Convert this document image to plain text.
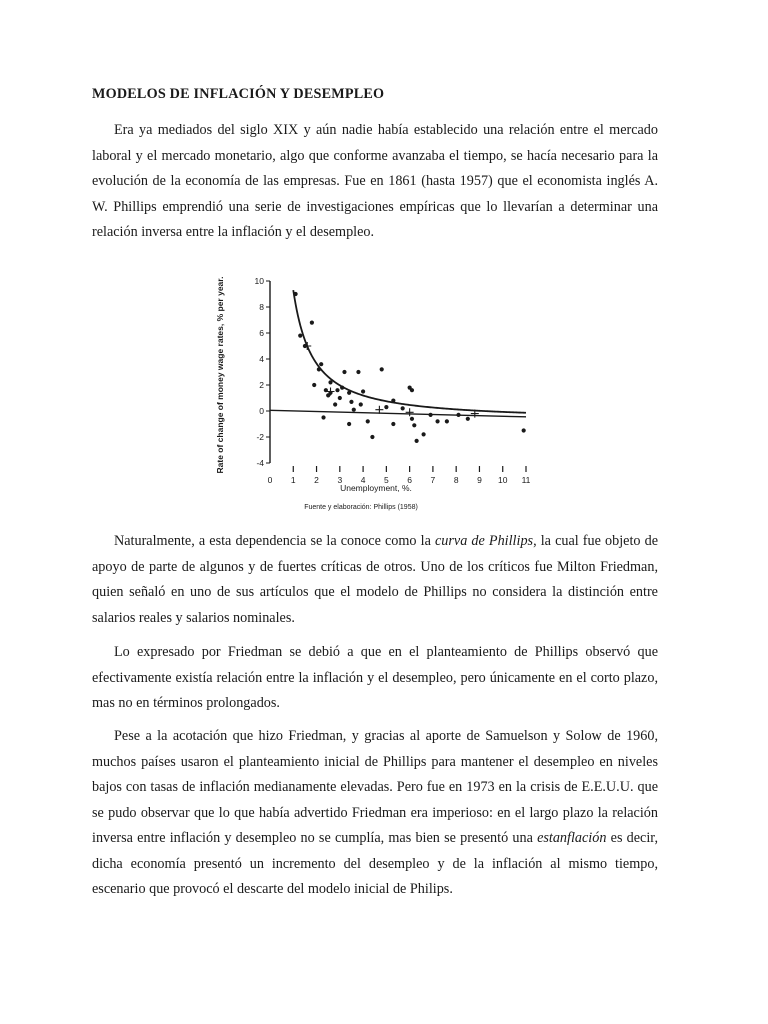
MODELOS DE INFLACIÓN Y DESEMPLEO

Era ya mediados del siglo XIX y aún nadie había establecido una relación entre el mercado laboral y el mercado monetario, algo que conforme avanzaba el tiempo, se hacía necesario para la evolución de la economía de las empresas. Fue en 1861 (hasta 1957) que el economista inglés A. W. Phillips emprendió una serie de investigaciones empíricas que lo llevarían a determinar una relación inversa entre la inflación y el desempleo.

Rate of change of money wage rates, % per year.
Unemployment, %.
Fuente y elaboración: Phillips (1958)
-4
-2
0
2
4
6
8
10
0 1 2 3 4 5 6 7 8 9 10 11

Naturalmente, a esta dependencia se la conoce como la curva de Phillips, la cual fue objeto de apoyo de parte de algunos y de fuertes críticas de otros. Uno de los críticos fue Milton Friedman, quien señaló en uno de sus artículos que el modelo de Phillips no considera la distinción entre salarios reales y salarios nominales.

Lo expresado por Friedman se debió a que en el planteamiento de Phillips observó que efectivamente existía relación entre la inflación y el desempleo, pero únicamente en el corto plazo, mas no en términos prolongados.

Pese a la acotación que hizo Friedman, y gracias al aporte de Samuelson y Solow de 1960, muchos países usaron el planteamiento inicial de Phillips para mantener el desempleo en niveles bajos con tasas de inflación medianamente elevadas. Pero fue en 1973 en la crisis de E.E.U.U. que se pudo observar que lo que había advertido Friedman era imperioso: en el largo plazo la relación inversa entre inflación y desempleo no se cumplía, mas bien se presentó una estanflación es decir, dicha economía presentó un incremento del desempleo y de la inflación al mismo tiempo, escenario que provocó el descarte del modelo inicial de Philips.
